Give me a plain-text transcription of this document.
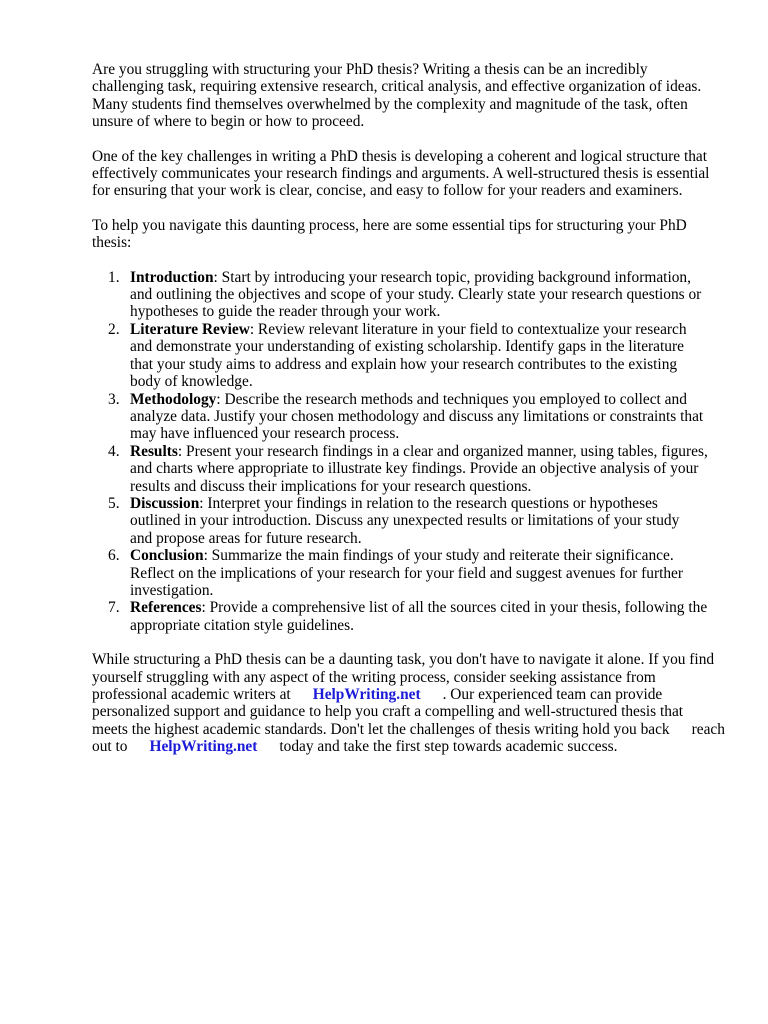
Are you struggling with structuring your PhD thesis? Writing a thesis can be an incredibly
challenging task, requiring extensive research, critical analysis, and effective organization of ideas.
Many students find themselves overwhelmed by the complexity and magnitude of the task, often
unsure of where to begin or how to proceed.
One of the key challenges in writing a PhD thesis is developing a coherent and logical structure that
effectively communicates your research findings and arguments. A well-structured thesis is essential
for ensuring that your work is clear, concise, and easy to follow for your readers and examiners.
To help you navigate this daunting process, here are some essential tips for structuring your PhD
thesis:
1. Introduction: Start by introducing your research topic, providing background information,
and outlining the objectives and scope of your study. Clearly state your research questions or
hypotheses to guide the reader through your work.
2. Literature Review: Review relevant literature in your field to contextualize your research
and demonstrate your understanding of existing scholarship. Identify gaps in the literature
that your study aims to address and explain how your research contributes to the existing
body of knowledge.
3. Methodology: Describe the research methods and techniques you employed to collect and
analyze data. Justify your chosen methodology and discuss any limitations or constraints that
may have influenced your research process.
4. Results: Present your research findings in a clear and organized manner, using tables, figures,
and charts where appropriate to illustrate key findings. Provide an objective analysis of your
results and discuss their implications for your research questions.
5. Discussion: Interpret your findings in relation to the research questions or hypotheses
outlined in your introduction. Discuss any unexpected results or limitations of your study
and propose areas for future research.
6. Conclusion: Summarize the main findings of your study and reiterate their significance.
Reflect on the implications of your research for your field and suggest avenues for further
investigation.
7. References: Provide a comprehensive list of all the sources cited in your thesis, following the
appropriate citation style guidelines.
While structuring a PhD thesis can be a daunting task, you don't have to navigate it alone. If you find
yourself struggling with any aspect of the writing process, consider seeking assistance from
professional academic writers at HelpWriting.net . Our experienced team can provide
personalized support and guidance to help you craft a compelling and well-structured thesis that
meets the highest academic standards. Don't let the challenges of thesis writing hold you back reach
out to HelpWriting.net today and take the first step towards academic success.
